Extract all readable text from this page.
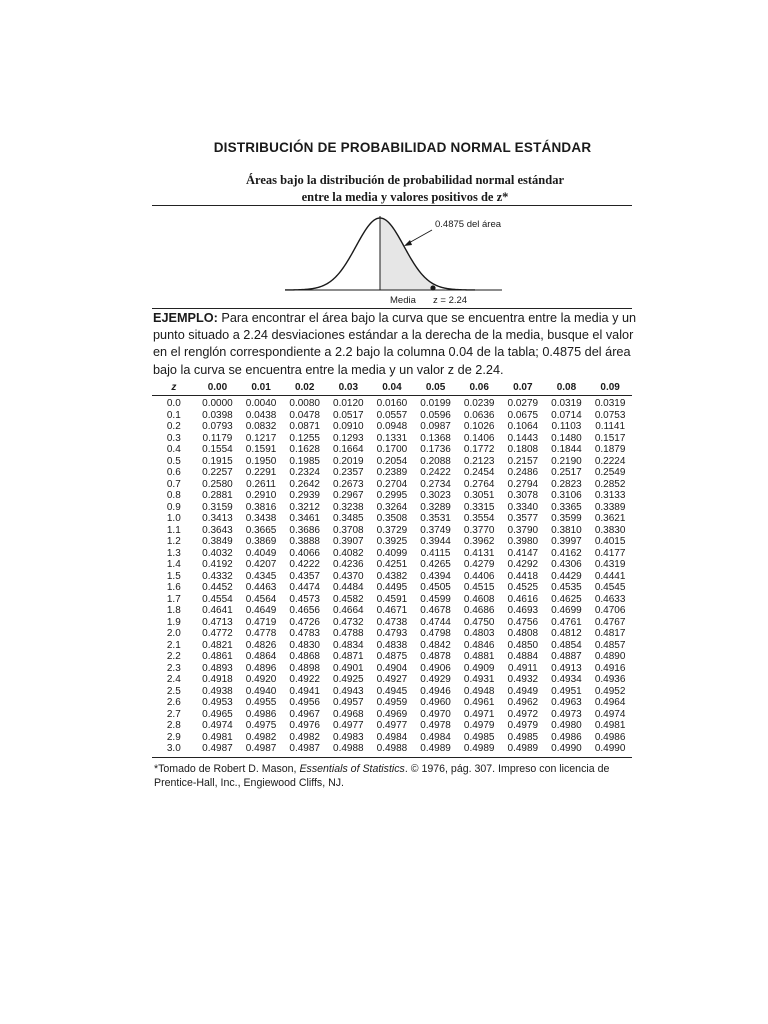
DISTRIBUCIÓN DE PROBABILIDAD NORMAL ESTÁNDAR
Áreas bajo la distribución de probabilidad normal estándar
entre la media y valores positivos de z*
0.4875 del área
Media z = 2.24
EJEMPLO: Para encontrar el área bajo la curva que se encuentra entre la media y un punto situado a 2.24 desviaciones estándar a la derecha de la media, busque el valor en el renglón correspondiente a 2.2 bajo la columna 0.04 de la tabla; 0.4875 del área bajo la curva se encuentra entre la media y un valor z de 2.24.
z	0.00	0.01	0.02	0.03	0.04	0.05	0.06	0.07	0.08	0.09
0.0	0.0000	0.0040	0.0080	0.0120	0.0160	0.0199	0.0239	0.0279	0.0319	0.0319
0.1	0.0398	0.0438	0.0478	0.0517	0.0557	0.0596	0.0636	0.0675	0.0714	0.0753
0.2	0.0793	0.0832	0.0871	0.0910	0.0948	0.0987	0.1026	0.1064	0.1103	0.1141
0.3	0.1179	0.1217	0.1255	0.1293	0.1331	0.1368	0.1406	0.1443	0.1480	0.1517
0.4	0.1554	0.1591	0.1628	0.1664	0.1700	0.1736	0.1772	0.1808	0.1844	0.1879
0.5	0.1915	0.1950	0.1985	0.2019	0.2054	0.2088	0.2123	0.2157	0.2190	0.2224
0.6	0.2257	0.2291	0.2324	0.2357	0.2389	0.2422	0.2454	0.2486	0.2517	0.2549
0.7	0.2580	0.2611	0.2642	0.2673	0.2704	0.2734	0.2764	0.2794	0.2823	0.2852
0.8	0.2881	0.2910	0.2939	0.2967	0.2995	0.3023	0.3051	0.3078	0.3106	0.3133
0.9	0.3159	0.3816	0.3212	0.3238	0.3264	0.3289	0.3315	0.3340	0.3365	0.3389
1.0	0.3413	0.3438	0.3461	0.3485	0.3508	0.3531	0.3554	0.3577	0.3599	0.3621
1.1	0.3643	0.3665	0.3686	0.3708	0.3729	0.3749	0.3770	0.3790	0.3810	0.3830
1.2	0.3849	0.3869	0.3888	0.3907	0.3925	0.3944	0.3962	0.3980	0.3997	0.4015
1.3	0.4032	0.4049	0.4066	0.4082	0.4099	0.4115	0.4131	0.4147	0.4162	0.4177
1.4	0.4192	0.4207	0.4222	0.4236	0.4251	0.4265	0.4279	0.4292	0.4306	0.4319
1.5	0.4332	0.4345	0.4357	0.4370	0.4382	0.4394	0.4406	0.4418	0.4429	0.4441
1.6	0.4452	0.4463	0.4474	0.4484	0.4495	0.4505	0.4515	0.4525	0.4535	0.4545
1.7	0.4554	0.4564	0.4573	0.4582	0.4591	0.4599	0.4608	0.4616	0.4625	0.4633
1.8	0.4641	0.4649	0.4656	0.4664	0.4671	0.4678	0.4686	0.4693	0.4699	0.4706
1.9	0.4713	0.4719	0.4726	0.4732	0.4738	0.4744	0.4750	0.4756	0.4761	0.4767
2.0	0.4772	0.4778	0.4783	0.4788	0.4793	0.4798	0.4803	0.4808	0.4812	0.4817
2.1	0.4821	0.4826	0.4830	0.4834	0.4838	0.4842	0.4846	0.4850	0.4854	0.4857
2.2	0.4861	0.4864	0.4868	0.4871	0.4875	0.4878	0.4881	0.4884	0.4887	0.4890
2.3	0.4893	0.4896	0.4898	0.4901	0.4904	0.4906	0.4909	0.4911	0.4913	0.4916
2.4	0.4918	0.4920	0.4922	0.4925	0.4927	0.4929	0.4931	0.4932	0.4934	0.4936
2.5	0.4938	0.4940	0.4941	0.4943	0.4945	0.4946	0.4948	0.4949	0.4951	0.4952
2.6	0.4953	0.4955	0.4956	0.4957	0.4959	0.4960	0.4961	0.4962	0.4963	0.4964
2.7	0.4965	0.4986	0.4967	0.4968	0.4969	0.4970	0.4971	0.4972	0.4973	0.4974
2.8	0.4974	0.4975	0.4976	0.4977	0.4977	0.4978	0.4979	0.4979	0.4980	0.4981
2.9	0.4981	0.4982	0.4982	0.4983	0.4984	0.4984	0.4985	0.4985	0.4986	0.4986
3.0	0.4987	0.4987	0.4987	0.4988	0.4988	0.4989	0.4989	0.4989	0.4990	0.4990
*Tomado de Robert D. Mason, Essentials of Statistics. © 1976, pág. 307. Impreso con licencia de Prentice-Hall, Inc., Engiewood Cliffs, NJ.
